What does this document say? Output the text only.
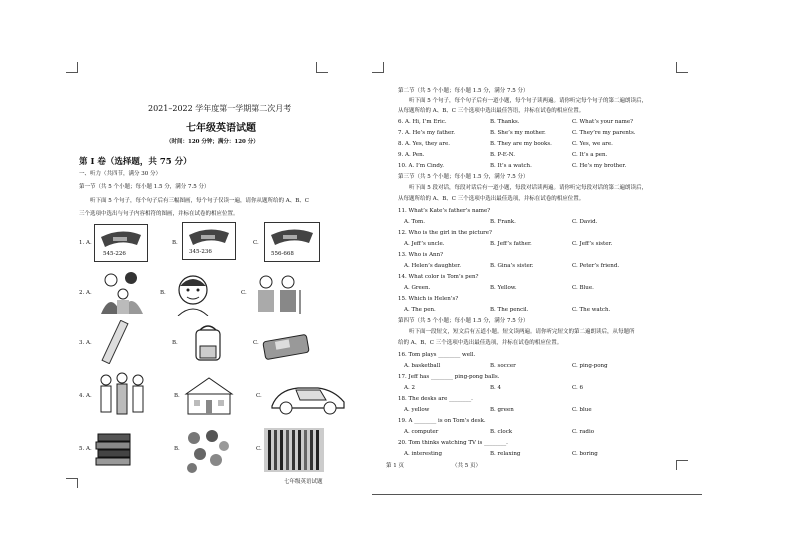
2021–2022 学年度第一学期第二次月考
七年级英语试题
（时间：120 分钟；满分：120 分）
第 I 卷（选择题，共 75 分）
一、听力（共四节，满分 30 分）
第一节（共 5 个小题；每小题 1.5 分，满分 7.5 分）
听下面 5 个句子，每个句子后有三幅图画，每个句子仅读一遍，请你从题所给的 A、B、C
三个选项中选出与句子内容相符的图画，并标在试卷的相应位置。
1. A.
545-226
B.
345-236
C.
556-668
2. A.	B.	C.
3. A.	B.	C.
4. A.	B.	C.
5. A.	B.	C.
七年级英语试题
第二节（共 5 个小题；每小题 1.5 分，满分 7.5 分）
听下面 5 个句子，每个句子后有一道小题，每个句子读两遍。请你听完每个句子的第二遍朗读后，
从每题所给的 A、B、C 三个选项中选出最佳答语，并标在试卷的相应位置。
6. A. Hi, I’m Eric.	B. Thanks.	C. What’s your name?
7. A. He’s my father.	B. She’s my mother.	C. They’re my parents.
8. A. Yes, they are.	B. They are my books.	C. Yes, we are.
9. A. Pen.	B. P-E-N.	C. It’s a pen.
10. A. I’m Cindy.	B. It’s a watch.	C. He’s my brother.
第三节（共 5 个小题；每小题 1.5 分，满分 7.5 分）
听下面 5 段对话，每段对话后有一道小题，每段对话读两遍。请你听完每段对话的第二遍朗读后，
从每题所给的 A、B、C 三个选项中选出最佳选项，并标在试卷的相应位置。
11. What’s Kate’s father’s name?
A. Tom.	B. Frank.	C. David.
12. Who is the girl in the picture?
A. Jeff’s uncle.	B. Jeff’s father.	C. Jeff’s sister.
13. Who is Ann?
A. Helen’s daughter.	B. Gina’s sister.	C. Peter’s friend.
14. What color is Tom’s pen?
A. Green.	B. Yellow.	C. Blue.
15. Which is Helen’s?
A. The pen.	B. The pencil.	C. The watch.
第四节（共 5 个小题；每小题 1.5 分，满分 7.5 分）
听下面一段短文，短文后有五道小题。短文读两遍。请你听完短文的第二遍朗读后，从每题所
给的 A、B、C 三个选项中选出最佳选项，并标在试卷的相应位置。
16. Tom plays ________ well.
A. basketball	B. soccer	C. ping-pong
17. Jeff has ________ ping-pong balls.
A. 2	B. 4	C. 6
18. The desks are ________.
A. yellow	B. green	C. blue
19. A ________ is on Tom’s desk.
A. computer	B. clock	C. radio
20. Tom thinks watching TV is ________.
A. interesting	B. relaxing	C. boring
第 1 页	（共 5 页）
